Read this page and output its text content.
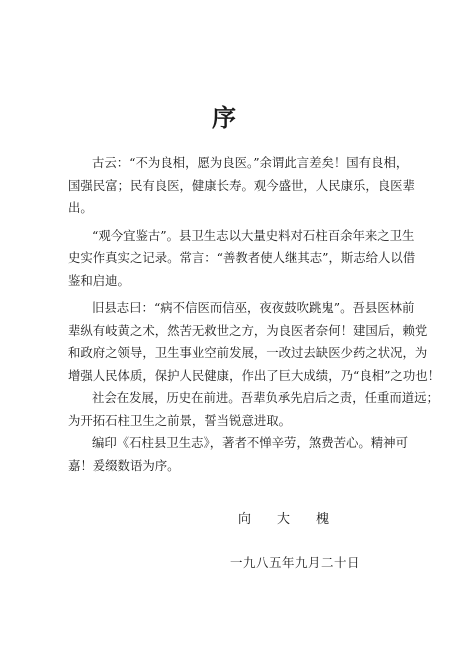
序
古云：“不为良相，愿为良医。”余谓此言差矣！国有良相，
国强民富；民有良医，健康长寿。观今盛世，人民康乐，良医辈
出。
“观今宜鉴古”。县卫生志以大量史料对石柱百余年来之卫生
史实作真实之记录。常言：“善教者使人继其志”，斯志给人以借
鉴和启迪。
旧县志曰：“病不信医而信巫，夜夜鼓吹跳鬼”。吾县医林前
辈纵有岐黄之术，然苦无救世之方，为良医者奈何！建国后，赖党
和政府之领导，卫生事业空前发展，一改过去缺医少药之状况，为
增强人民体质，保护人民健康，作出了巨大成绩，乃“良相”之功也！
社会在发展，历史在前进。吾辈负承先启后之责，任重而道远；
为开拓石柱卫生之前景，誓当锐意进取。
编印《石柱县卫生志》，著者不惮辛劳，煞费苦心。精神可
嘉！爰缀数语为序。
向大槐
一九八五年九月二十日
